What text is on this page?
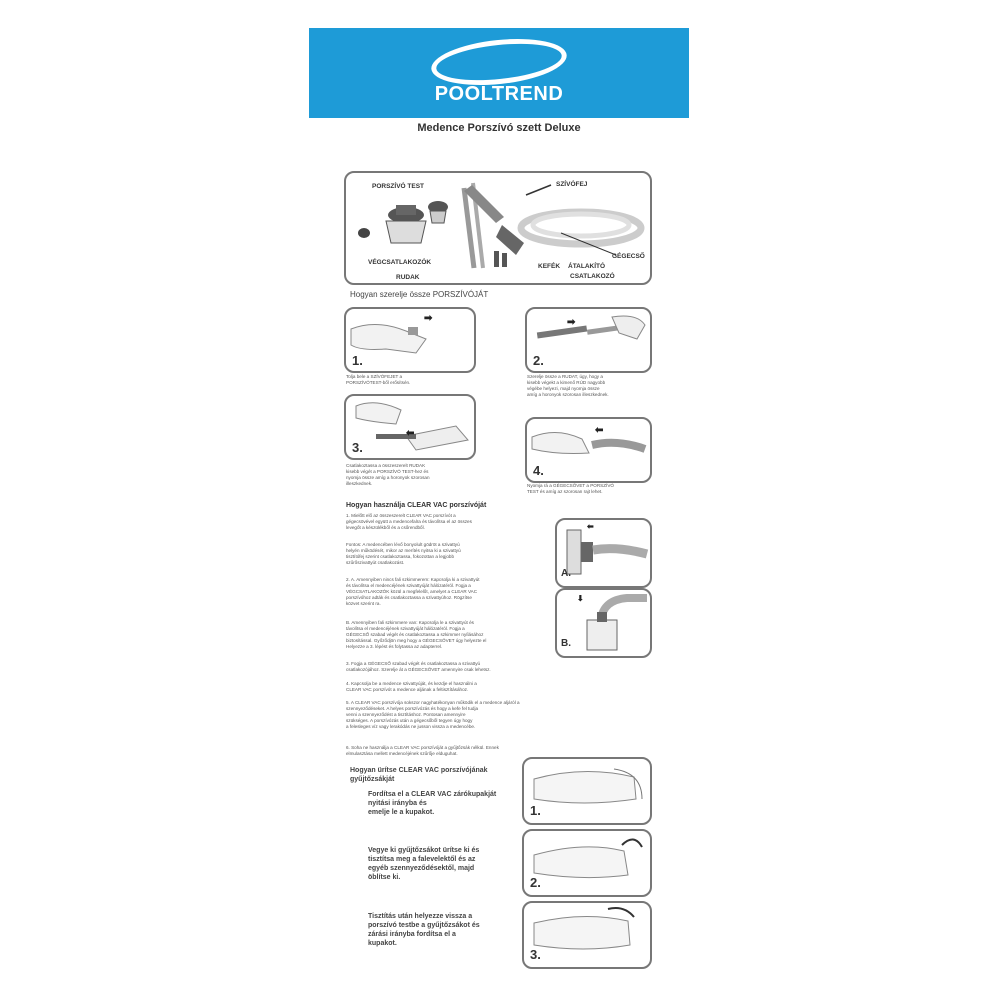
POOLTREND
Medence Porszívó szett Deluxe
PORSZÍVÓ TEST	SZÍVÓFEJ
VÉGCSATLAKOZÓK
RUDAK
KEFÉK
GÉGECSŐ
ÁTALAKÍTÓ
CSATLAKOZÓ
Hogyan szerelje össze PORSZÍVÓJÁT
1.
➡
Tolja bele a SZÍVÓFEJET a
PORSZÍVÓTEST-ből erősítsén.
2.
➡
Szerelje össze a RUDAT, úgy, hogy a
kisebb végekt a kimenő RÚD nagyobb
végébe helyezi, majd nyomja össze
amíg a horonyok szorosan illeszkednek.
3.
⬅
Csatlakoztassa a összeszerelt RUDAK
kisebb végét a PORSZÍVÓ TEST-hez és
nyomja össze amíg a horonyok szorosan
illeszkednek.
4.
⬅
Nyomja rá a GÉGECSÖVET a PORSZÍVÓ
TEST és amíg az szorosan rajt lehet.
Hogyan használja CLEAR VAC porszívóját
1. Mielőtt elő az összeszerelt CLEAR VAC porszívót a
gégecsövével együtt a medencefalra és távolítsa el az összes
levegőt a készülékből és a csőrendből.
Fontos: A medencében lévő bonyolult gödröt a szivattyú
helyén működését, mikor az merítés nyitsa ki a szivattyú
tisztítófej szerint csatlakoztassa, fokozottan a legjobb
szűrőszivattyút csatlakozást.
2. A. Amennyiben nincs fali szkimmerem: Kapcsolja ki a szivattyút
és távolítsa el medencéjének szivattyúját hálózatéról. Fogja a
VÉGCSATLAKOZÓK közül a megfelelőt, amelyet a CLEAR VAC
porszívóhoz adták és csatlakoztassa a szivattyúhoz. Rögzítse
közvet szerint ra.
B. Amennyiben fali szkimmere van: Kapcsolja le a szivattyút és
távolítsa el medencéjének szivattyúját hálózatéról. Fogja a
GÉGECSŐ szabad végét és csatlakoztassa a szkimmer nyílásához
biztosítással. Győződjön meg hogy a GÉGECSÖVET úgy helyezte el
Helyezze a 3. lépést és folytassa az adapterrel.
3. Fogja a GÉGECSŐ szabad végét és csatlakoztassa a szivattyú
csatlakozójához. Szerelje át a GÉGECSÖVET amennyire csak lehetsz.
4. Kapcsolja be a medence szivattyúját, és kezdje el használni a
CLEAR VAC porszívót a medence aljának a feltisztításához.
5. A CLEAR VAC porszívója sokszor nagyhatékonyan működik el a medence aljáról a
szennyeződéseket. A helyes porszívózás és hogy a kefe fel tudja
venni a szennyeződést a tisztításhoz. Pontosan amennyire
szükséges. A porszívózás után a gégecsőből tegyen úgy hogy
a felesleges víz vagy lerakódás ne jusson vissza a medencébe.
6. Soha ne használja a CLEAR VAC porszívóját a gyűjtőzsák nélkül. Ennek
elmulasztása mellett medencéjének szűrője elduguhat.
A.
⬅
B.
⬇
Hogyan ürítse CLEAR VAC porszívójának
gyűjtőzsákját
Fordítsa el a CLEAR VAC zárókupakját
nyitási irányba és
emelje le a kupakot.	1.
Vegye ki gyűjtőzsákot ürítse ki és
tisztítsa meg a falevelektől és az
egyéb szennyeződésektől, majd
öblítse ki.	2.
Tisztítás után helyezze vissza a
porszívó testbe a gyűjtőzsákot és
zárási irányba fordítsa el a
kupakot.
3.
